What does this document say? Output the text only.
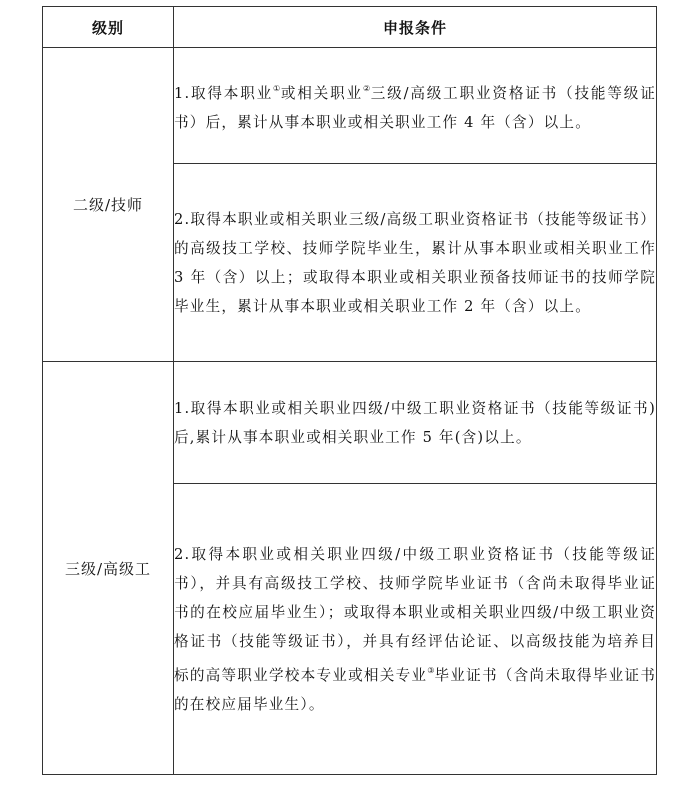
级别	申报条件
二级/技师	1.取得本职业①或相关职业②三级/高级工职业资格证书（技能等级证书）后，累计从事本职业或相关职业工作 4 年（含）以上。
	2.取得本职业或相关职业三级/高级工职业资格证书（技能等级证书）的高级技工学校、技师学院毕业生，累计从事本职业或相关职业工作 3 年（含）以上；或取得本职业或相关职业预备技师证书的技师学院毕业生，累计从事本职业或相关职业工作 2 年（含）以上。
三级/高级工	1.取得本职业或相关职业四级/中级工职业资格证书（技能等级证书)后,累计从事本职业或相关职业工作 5 年(含)以上。
	2.取得本职业或相关职业四级/中级工职业资格证书（技能等级证书），并具有高级技工学校、技师学院毕业证书（含尚未取得毕业证书的在校应届毕业生）；或取得本职业或相关职业四级/中级工职业资格证书（技能等级证书），并具有经评估论证、以高级技能为培养目标的高等职业学校本专业或相关专业③毕业证书（含尚未取得毕业证书的在校应届毕业生）。
